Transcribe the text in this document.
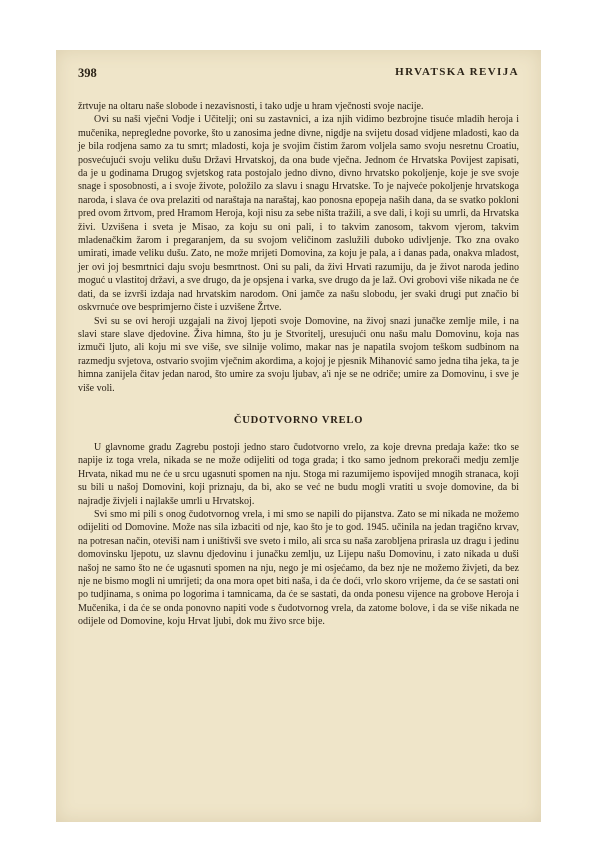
398	HRVATSKA REVIJA

žrtvuje na oltaru naše slobode i nezavisnosti, i tako udje u hram vječnosti svoje nacije.

Ovi su naši vječni Vodje i Učitelji; oni su zastavnici, a iza njih vidimo bezbrojne tisuće mladih heroja i mučenika, nepregledne povorke, što u zanosima jedne divne, nigdje na svijetu dosad vidjene mladosti, kao da je bila rodjena samo za tu smrt; mladosti, koja je svojim čistim žarom voljela samo svoju nesretnu Croatiu, posvećujući svoju veliku dušu Državi Hrvatskoj, da ona bude vječna. Jednom će Hrvatska Povijest zapisati, da je u godinama Drugog svjetskog rata postojalo jedno divno, divno hrvatsko pokoljenje, koje je sve svoje snage i sposobnosti, a i svoje živote, položilo za slavu i snagu Hrvatske. To je najveće pokoljenje hrvatskoga naroda, i slava će ova prelaziti od naraštaja na naraštaj, kao ponosna epopeja naših dana, da se svatko pokloni pred ovom žrtvom, pred Hramom Heroja, koji nisu za sebe ništa tražili, a sve dali, i koji su umrli, da Hrvatska živi. Uzvišena i sveta je Misao, za koju su oni pali, i to takvim zanosom, takvom vjerom, takvim mladenačkim žarom i pregaranjem, da su svojom veličinom zaslužili duboko udivljenje. Tko zna ovako umirati, imade veliku dušu. Zato, ne može mrijeti Domovina, za koju je pala, a i danas pada, onakva mladost, jer ovi joj besmrtnici daju svoju besmrtnost. Oni su pali, da živi Hrvati razumiju, da je život naroda jedino moguć u vlastitoj državi, a sve drugo, da je opsjena i varka, sve drugo da je laž. Ovi grobovi više nikada ne će dati, da se izvrši izdaja nad hrvatskim narodom. Oni jamče za našu slobodu, jer svaki drugi put značio bi oskvrnuće ove besprimjerno čiste i uzvišene Žrtve.

Svi su se ovi heroji uzgajali na živoj ljepoti svoje Domovine, na živoj snazi junačke zemlje mile, i na slavi stare slave djedovine. Živa himna, što ju je Stvoritelj, uresujući onu našu malu Domovinu, koja nas izmuči ljuto, ali koju mi sve više, sve silnije volimo, makar nas je napatila svojom teškom sudbinom na razmedju svjetova, ostvario svojim vječnim akordima, a kojoj je pjesnik Mihanović samo jedna tiha jeka, ta je himna zanijela čitav jedan narod, što umire za svoju ljubav, a'i nje se ne odriče; umire za Domovinu, i sve je više voli.

ČUDOTVORNO VRELO

U glavnome gradu Zagrebu postoji jedno staro čudotvorno vrelo, za koje drevna predaja kaže: tko se napije iz toga vrela, nikada se ne može odijeliti od toga grada; i tko samo jednom prekorači medju zemlje Hrvata, nikad mu ne će u srcu ugasnuti spomen na nju. Stoga mi razumijemo ispovijed mnogih stranaca, koji su bili u našoj Domovini, koji priznaju, da bi, ako se već ne budu mogli vratiti u svoje domovine, da bi najradje živjeli i najlakše umrli u Hrvatskoj.

Svi smo mi pili s onog čudotvornog vrela, i mi smo se napili do pijanstva. Zato se mi nikada ne možemo odijeliti od Domovine. Može nas sila izbaciti od nje, kao što je to god. 1945. učinila na jedan tragično krvav, na potresan način, oteviši nam i uništivši sve sveto i milo, ali srca su naša zarobljena prirasla uz dragu i jedinu domovinsku ljepotu, uz slavnu djedovinu i junačku zemlju, uz Lijepu našu Domovinu, i zato nikada u duši našoj ne samo što ne će ugasnuti spomen na nju, nego je mi osjećamo, da bez nje ne možemo živjeti, da bez nje ne bismo mogli ni umrijeti; da ona mora opet biti naša, i da će doći, vrlo skoro vrijeme, da će se sastati oni po tudjinama, s onima po logorima i tamnicama, da će se sastati, da onda ponesu vijence na grobove Heroja i Mučenika, i da će se onda ponovno napiti vode s čudotvornog vrela, da zatome bolove, i da se više nikada ne odijele od Domovine, koju Hrvat ljubi, dok mu živo srce bije.
